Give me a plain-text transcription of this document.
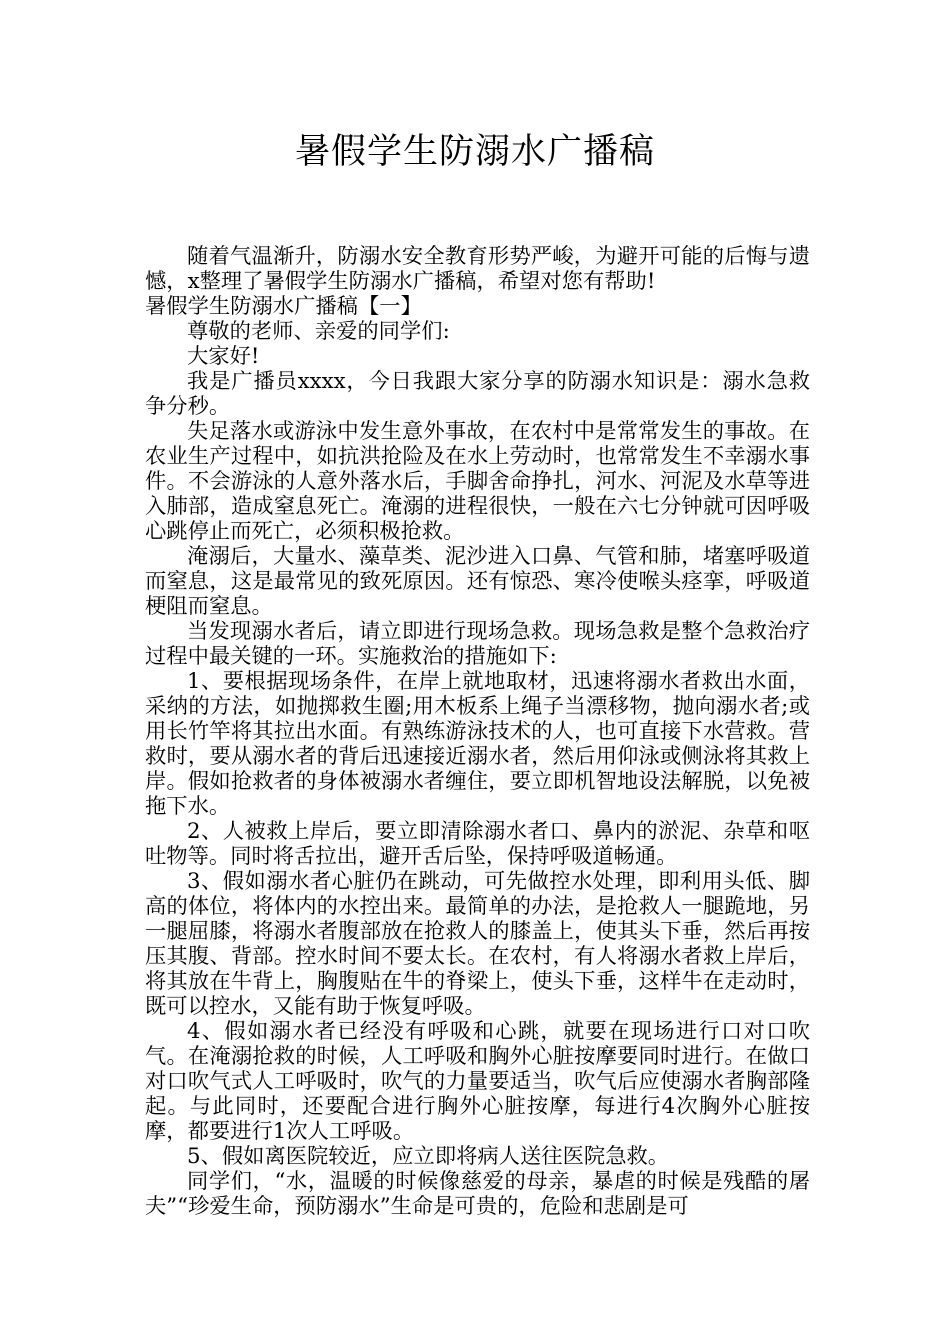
暑假学生防溺水广播稿

随着气温渐升，防溺水安全教育形势严峻，为避开可能的后悔与遗憾，x整理了暑假学生防溺水广播稿，希望对您有帮助!

暑假学生防溺水广播稿【一】

尊敬的老师、亲爱的同学们:

大家好!

我是广播员xxxx，今日我跟大家分享的防溺水知识是：溺水急救争分秒。

失足落水或游泳中发生意外事故，在农村中是常常发生的事故。在农业生产过程中，如抗洪抢险及在水上劳动时，也常常发生不幸溺水事件。不会游泳的人意外落水后，手脚舍命挣扎，河水、河泥及水草等进入肺部，造成窒息死亡。淹溺的进程很快，一般在六七分钟就可因呼吸心跳停止而死亡，必须积极抢救。

淹溺后，大量水、藻草类、泥沙进入口鼻、气管和肺，堵塞呼吸道而窒息，这是最常见的致死原因。还有惊恐、寒冷使喉头痉挛，呼吸道梗阻而窒息。

当发现溺水者后，请立即进行现场急救。现场急救是整个急救治疗过程中最关键的一环。实施救治的措施如下:

1、要根据现场条件，在岸上就地取材，迅速将溺水者救出水面，采纳的方法，如抛掷救生圈;用木板系上绳子当漂移物，抛向溺水者;或用长竹竿将其拉出水面。有熟练游泳技术的人，也可直接下水营救。营救时，要从溺水者的背后迅速接近溺水者，然后用仰泳或侧泳将其救上岸。假如抢救者的身体被溺水者缠住，要立即机智地设法解脱，以免被拖下水。

2、人被救上岸后，要立即清除溺水者口、鼻内的淤泥、杂草和呕吐物等。同时将舌拉出，避开舌后坠，保持呼吸道畅通。

3、假如溺水者心脏仍在跳动，可先做控水处理，即利用头低、脚高的体位，将体内的水控出来。最简单的办法，是抢救人一腿跪地，另一腿屈膝，将溺水者腹部放在抢救人的膝盖上，使其头下垂，然后再按压其腹、背部。控水时间不要太长。在农村，有人将溺水者救上岸后，将其放在牛背上，胸腹贴在牛的脊梁上，使头下垂，这样牛在走动时，既可以控水，又能有助于恢复呼吸。

4、假如溺水者已经没有呼吸和心跳，就要在现场进行口对口吹气。在淹溺抢救的时候，人工呼吸和胸外心脏按摩要同时进行。在做口对口吹气式人工呼吸时，吹气的力量要适当，吹气后应使溺水者胸部隆起。与此同时，还要配合进行胸外心脏按摩，每进行4次胸外心脏按摩，都要进行1次人工呼吸。

5、假如离医院较近，应立即将病人送往医院急救。

同学们，“水，温暖的时候像慈爱的母亲，暴虐的时候是残酷的屠夫”“珍爱生命，预防溺水”生命是可贵的，危险和悲剧是可
